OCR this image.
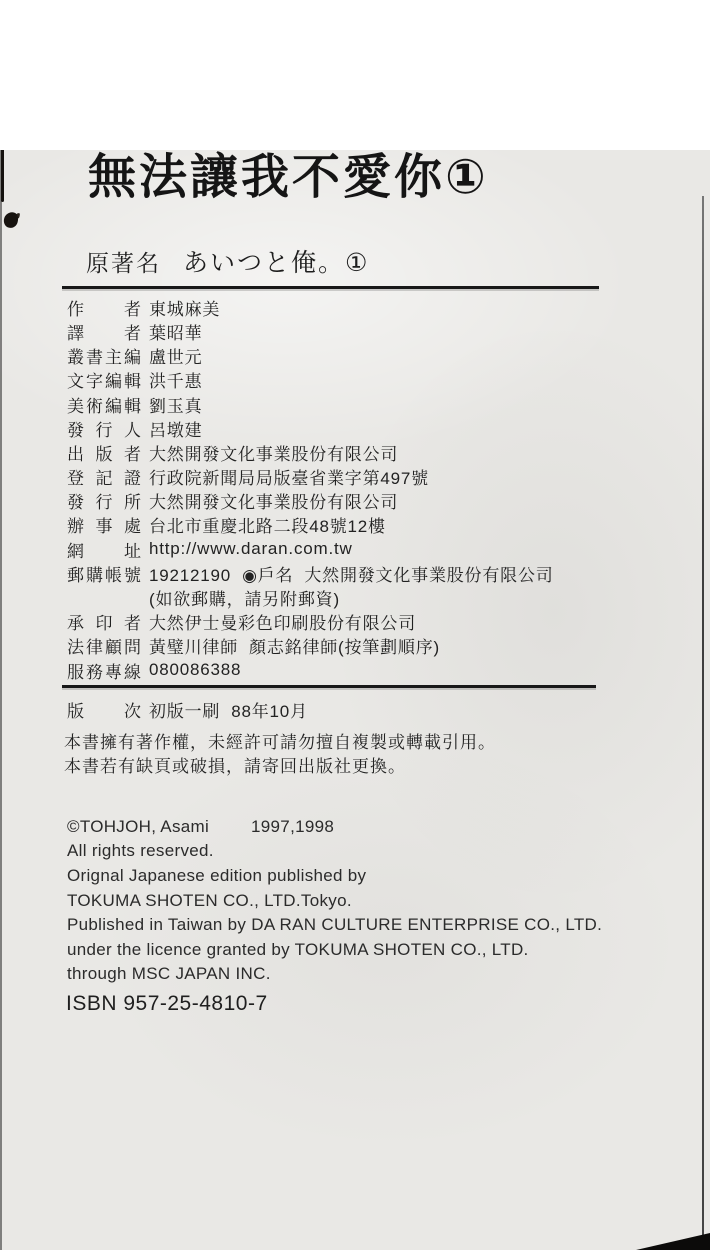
無法讓我不愛你①
原著名 あいつと俺。①
作 者 東城麻美
譯 者 葉昭華
叢 書 主 編 盧世元
文 字 編 輯 洪千惠
美 術 編 輯 劉玉真
發 行 人 呂墩建
出 版 者 大然開發文化事業股份有限公司
登 記 證 行政院新聞局局版臺省業字第497號
發 行 所 大然開發文化事業股份有限公司
辦 事 處 台北市重慶北路二段48號12樓
網 址 http://www.daran.com.tw
郵 購 帳 號 19212190  ◉戶名  大然開發文化事業股份有限公司
(如欲郵購，請另附郵資)
承 印 者 大然伊士曼彩色印刷股份有限公司
法 律 顧 問 黃璧川律師  顏志銘律師(按筆劃順序)
服 務 專 線 080086388
版 次 初版一刷  88年10月
本書擁有著作權，未經許可請勿擅自複製或轉載引用。
本書若有缺頁或破損，請寄回出版社更換。
©TOHJOH, Asami 1997,1998
All rights reserved.
Orignal Japanese edition published by
TOKUMA SHOTEN CO., LTD.Tokyo.
Published in Taiwan by DA RAN CULTURE ENTERPRISE CO., LTD.
under the licence granted by TOKUMA SHOTEN CO., LTD.
through MSC JAPAN INC.
ISBN 957-25-4810-7
